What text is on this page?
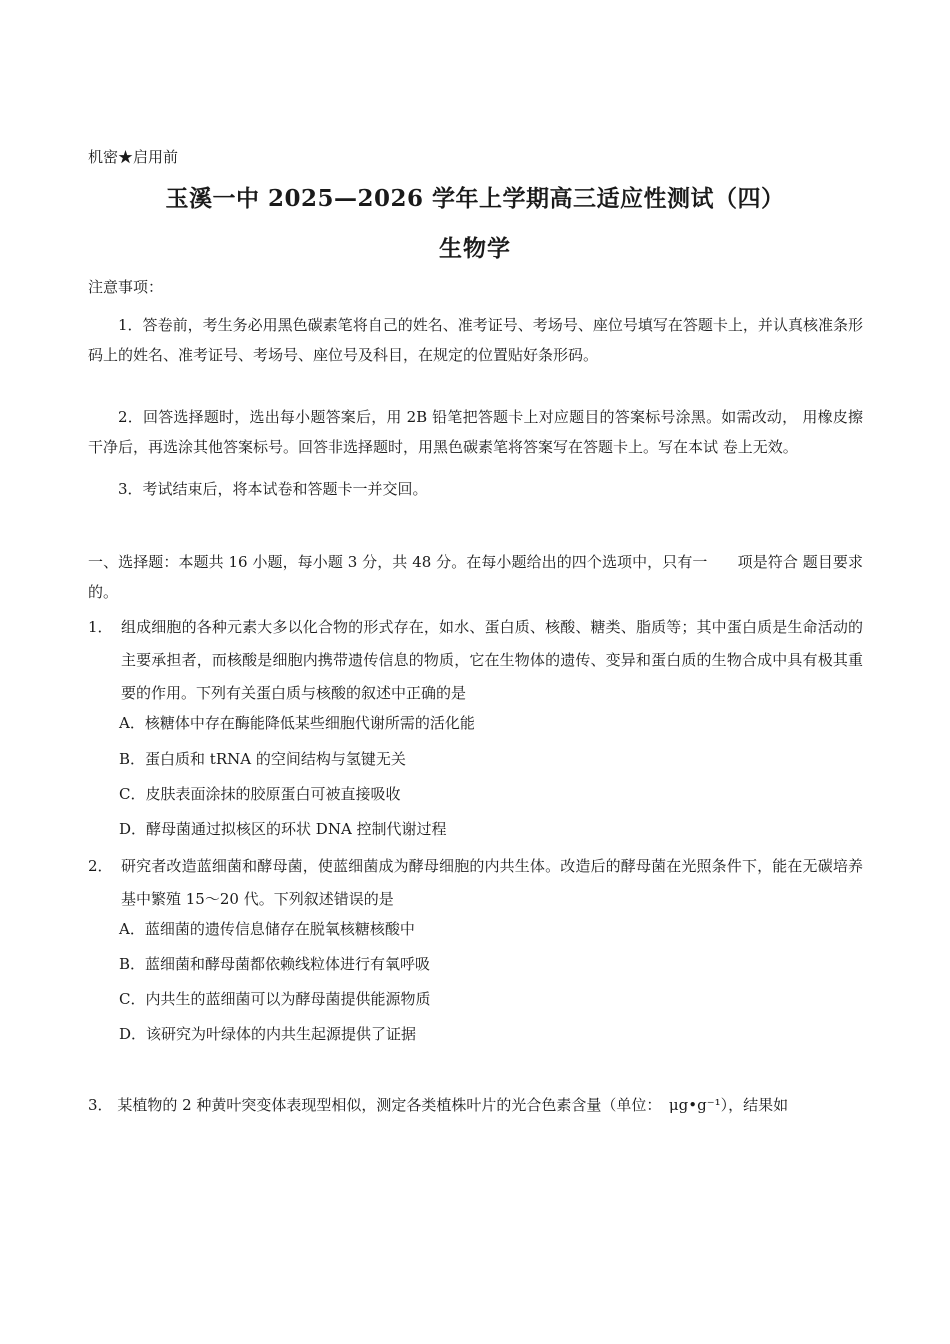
机密★启用前
玉溪一中 2025—2026 学年上学期高三适应性测试（四）
生物学
注意事项：
1．答卷前，考生务必用黑色碳素笔将自己的姓名、准考证号、考场号、座位号填写在答题卡上，并认真核准条形码上的姓名、准考证号、考场号、座位号及科目，在规定的位置贴好条形码。
2．回答选择题时，选出每小题答案后，用 2B 铅笔把答题卡上对应题目的答案标号涂黑。如需改动， 用橡皮擦干净后，再选涂其他答案标号。回答非选择题时，用黑色碳素笔将答案写在答题卡上。写在本试 卷上无效。
3．考试结束后，将本试卷和答题卡一并交回。
一、选择题：本题共 16 小题，每小题 3 分，共 48 分。在每小题给出的四个选项中，只有一　　项是符合 题目要求的。
1． 组成细胞的各种元素大多以化合物的形式存在，如水、蛋白质、核酸、糖类、脂质等；其中蛋白质是生命活动的主要承担者，而核酸是细胞内携带遗传信息的物质，它在生物体的遗传、变异和蛋白质的生物合成中具有极其重要的作用。下列有关蛋白质与核酸的叙述中正确的是
A．核糖体中存在酶能降低某些细胞代谢所需的活化能
B．蛋白质和 tRNA 的空间结构与氢键无关
C．皮肤表面涂抹的胶原蛋白可被直接吸收
D．酵母菌通过拟核区的环状 DNA 控制代谢过程
2． 研究者改造蓝细菌和酵母菌，使蓝细菌成为酵母细胞的内共生体。改造后的酵母菌在光照条件下，能在无碳培养基中繁殖 15～20 代。下列叙述错误的是
A．蓝细菌的遗传信息储存在脱氧核糖核酸中
B．蓝细菌和酵母菌都依赖线粒体进行有氧呼吸
C．内共生的蓝细菌可以为酵母菌提供能源物质
D．该研究为叶绿体的内共生起源提供了证据
3． 某植物的 2 种黄叶突变体表现型相似，测定各类植株叶片的光合色素含量（单位：　μg•g⁻¹），结果如
